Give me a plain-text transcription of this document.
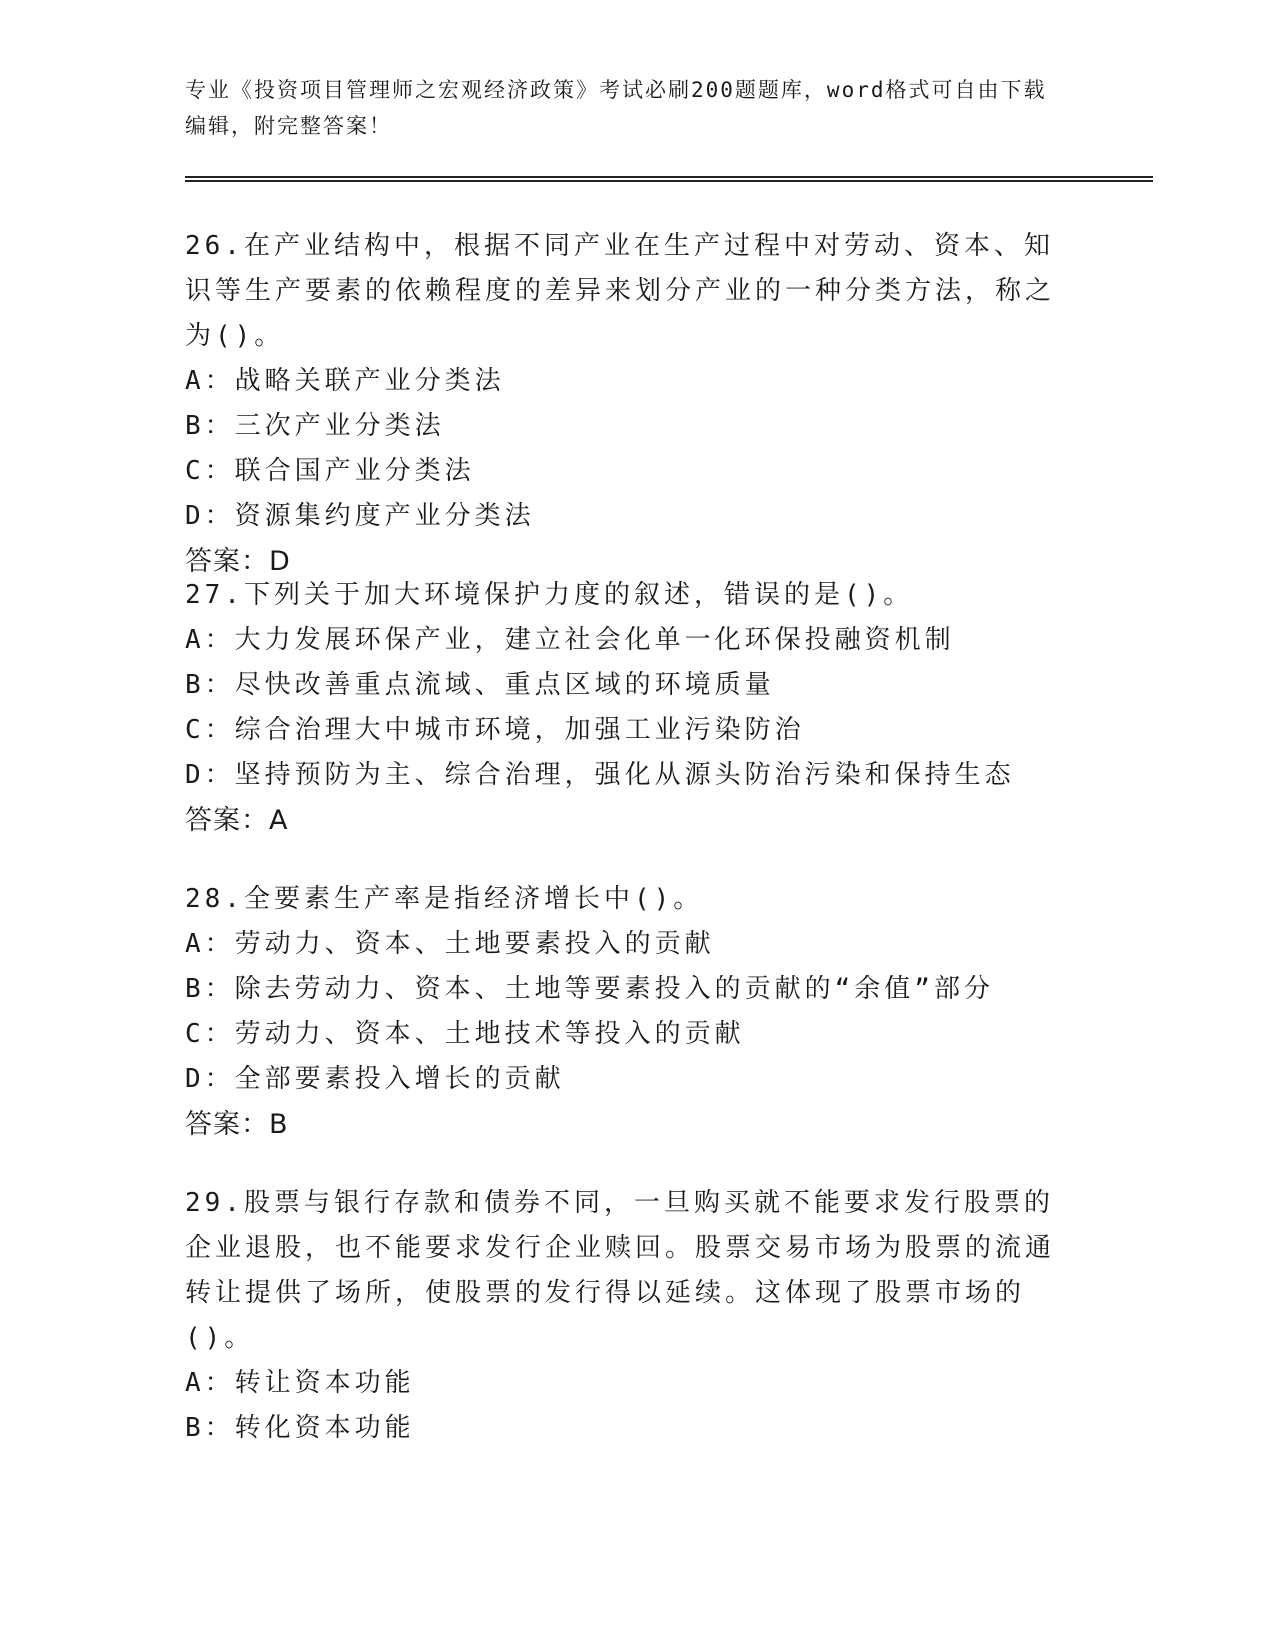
专业《投资项目管理师之宏观经济政策》考试必刷200题题库，word格式可自由下载编辑，附完整答案！
26.在产业结构中，根据不同产业在生产过程中对劳动、资本、知识等生产要素的依赖程度的差异来划分产业的一种分类方法，称之为()。
A：战略关联产业分类法
B：三次产业分类法
C：联合国产业分类法
D：资源集约度产业分类法
答案：D
27.下列关于加大环境保护力度的叙述，错误的是()。
A：大力发展环保产业，建立社会化单一化环保投融资机制
B：尽快改善重点流域、重点区域的环境质量
C：综合治理大中城市环境，加强工业污染防治
D：坚持预防为主、综合治理，强化从源头防治污染和保持生态
答案：A
28.全要素生产率是指经济增长中()。
A：劳动力、资本、土地要素投入的贡献
B：除去劳动力、资本、土地等要素投入的贡献的“余值”部分
C：劳动力、资本、土地技术等投入的贡献
D：全部要素投入增长的贡献
答案：B
29.股票与银行存款和债券不同，一旦购买就不能要求发行股票的企业退股，也不能要求发行企业赎回。股票交易市场为股票的流通转让提供了场所，使股票的发行得以延续。这体现了股票市场的()。
A：转让资本功能
B：转化资本功能
